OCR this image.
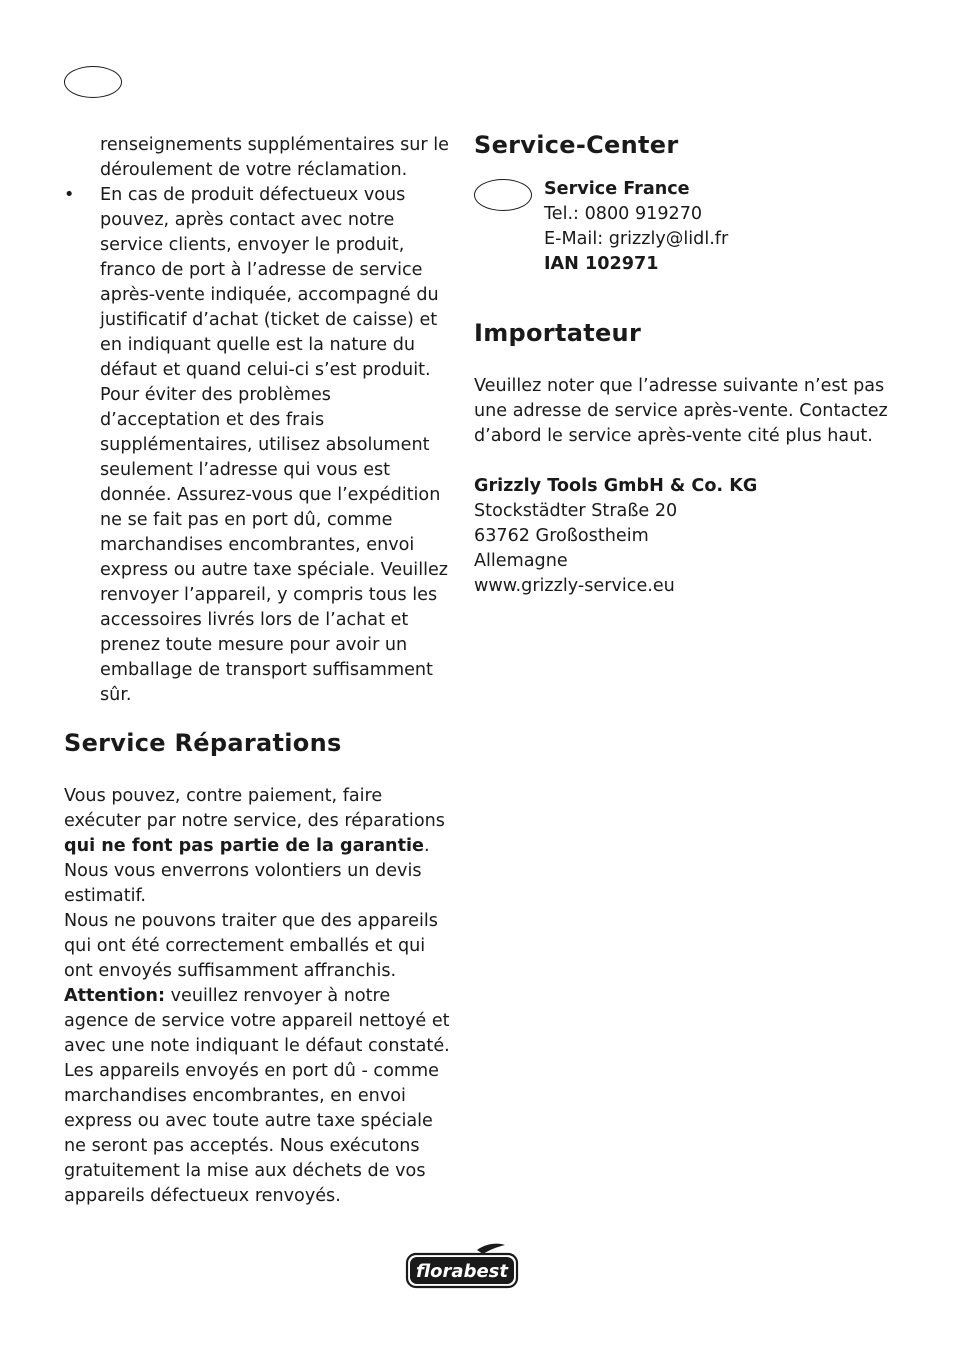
renseignements supplémentaires sur le déroulement de votre réclamation.

• En cas de produit défectueux vous pouvez, après contact avec notre service clients, envoyer le produit, franco de port à l’adresse de service après-vente indiquée, accompagné du justificatif d’achat (ticket de caisse) et en indiquant quelle est la nature du défaut et quand celui-ci s’est produit. Pour éviter des problèmes d’acceptation et des frais supplémentaires, utilisez absolument seulement l’adresse qui vous est donnée. Assurez-vous que l’expédition ne se fait pas en port dû, comme marchandises encombrantes, envoi express ou autre taxe spéciale. Veuillez renvoyer l’appareil, y compris tous les accessoires livrés lors de l’achat et prenez toute mesure pour avoir un emballage de transport suffisamment sûr.
Service Réparations

Vous pouvez, contre paiement, faire exécuter par notre service, des réparations qui ne font pas partie de la garantie. Nous vous enverrons volontiers un devis estimatif.

Nous ne pouvons traiter que des appareils qui ont été correctement emballés et qui ont envoyés suffisamment affranchis.

Attention: veuillez renvoyer à notre agence de service votre appareil nettoyé et avec une note indiquant le défaut constaté.

Les appareils envoyés en port dû - comme marchandises encombrantes, en envoi express ou avec toute autre taxe spéciale ne seront pas acceptés. Nous exécutons gratuitement la mise aux déchets de vos appareils défectueux renvoyés.

Service-Center

Service France

Tel.: 0800 919270

E-Mail: grizzly@lidl.fr

IAN 102971

Importateur

Veuillez noter que l’adresse suivante n’est pas une adresse de service après-vente. Contactez d’abord le service après-vente cité plus haut.

Grizzly Tools GmbH & Co. KG

Stockstädter Straße 20

63762 Großostheim

Allemagne

www.grizzly-service.eu

florabest
